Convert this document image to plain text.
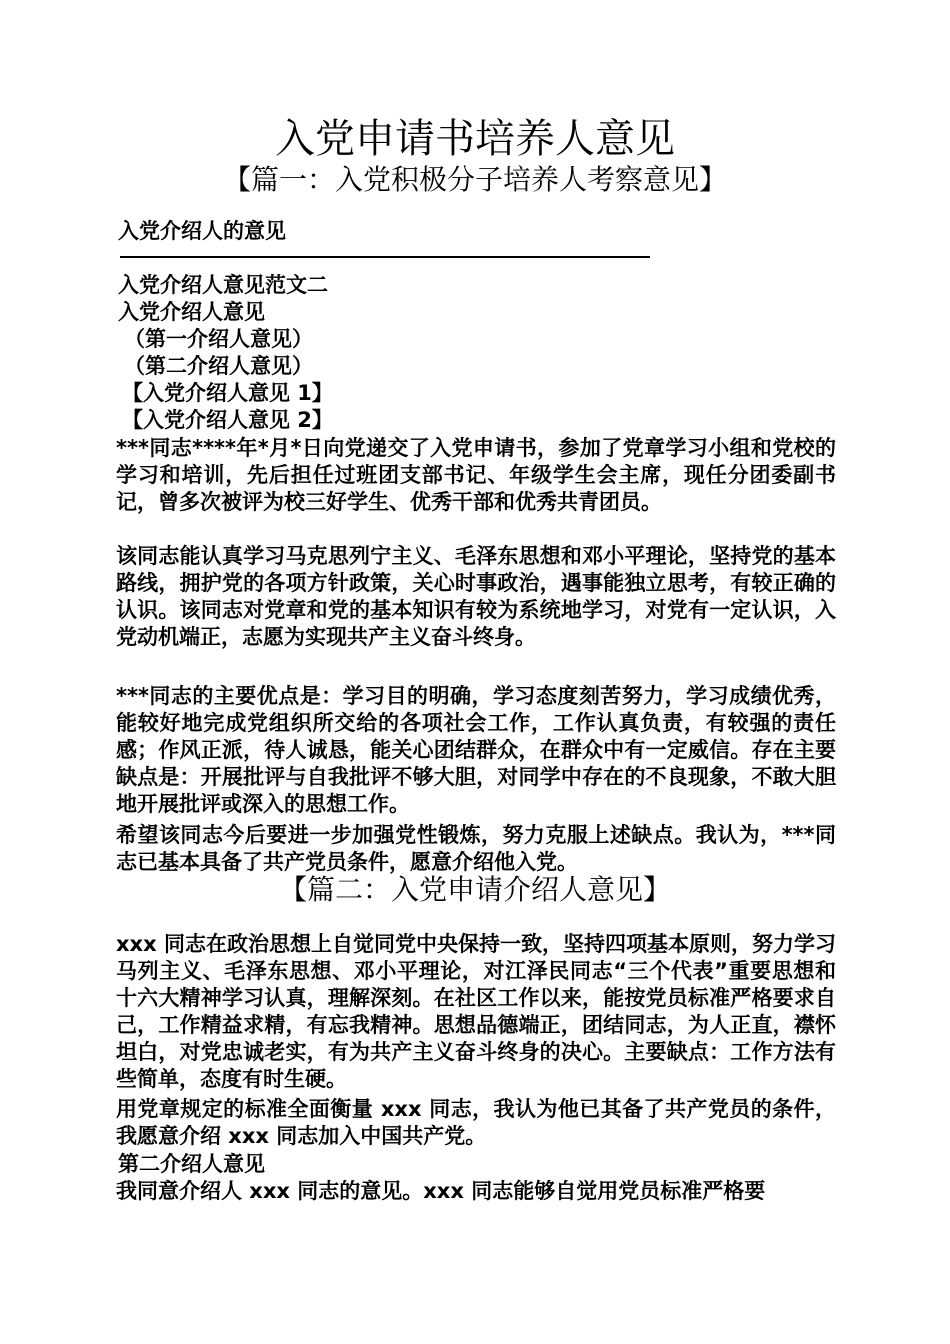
入党申请书培养人意见
【篇一：入党积极分子培养人考察意见】

入党介绍人的意见

入党介绍人意见范文二

入党介绍人意见

（第一介绍人意见）

（第二介绍人意见）

【入党介绍人意见 1】

【入党介绍人意见 2】

***同志****年*月*日向党递交了入党申请书，参加了党章学习小组和党校的学习和培训，先后担任过班团支部书记、年级学生会主席，现任分团委副书记，曾多次被评为校三好学生、优秀干部和优秀共青团员。

该同志能认真学习马克思列宁主义、毛泽东思想和邓小平理论，坚持党的基本路线，拥护党的各项方针政策，关心时事政治，遇事能独立思考，有较正确的认识。该同志对党章和党的基本知识有较为系统地学习，对党有一定认识，入党动机端正，志愿为实现共产主义奋斗终身。

***同志的主要优点是：学习目的明确，学习态度刻苦努力，学习成绩优秀，能较好地完成党组织所交给的各项社会工作，工作认真负责，有较强的责任感；作风正派，待人诚恳，能关心团结群众，在群众中有一定威信。存在主要缺点是：开展批评与自我批评不够大胆，对同学中存在的不良现象，不敢大胆地开展批评或深入的思想工作。

希望该同志今后要进一步加强党性锻炼，努力克服上述缺点。我认为，***同志已基本具备了共产党员条件，愿意介绍他入党。

【篇二：入党申请介绍人意见】

xxx 同志在政治思想上自觉同党中央保持一致，坚持四项基本原则，努力学习马列主义、毛泽东思想、邓小平理论，对江泽民同志“三个代表”重要思想和十六大精神学习认真，理解深刻。在社区工作以来，能按党员标准严格要求自己，工作精益求精，有忘我精神。思想品德端正，团结同志，为人正直，襟怀坦白，对党忠诚老实，有为共产主义奋斗终身的决心。主要缺点：工作方法有些简单，态度有时生硬。

用党章规定的标准全面衡量 xxx 同志，我认为他已其备了共产党员的条件，我愿意介绍 xxx 同志加入中国共产党。

第二介绍人意见

我同意介绍人 xxx 同志的意见。xxx 同志能够自觉用党员标准严格要
